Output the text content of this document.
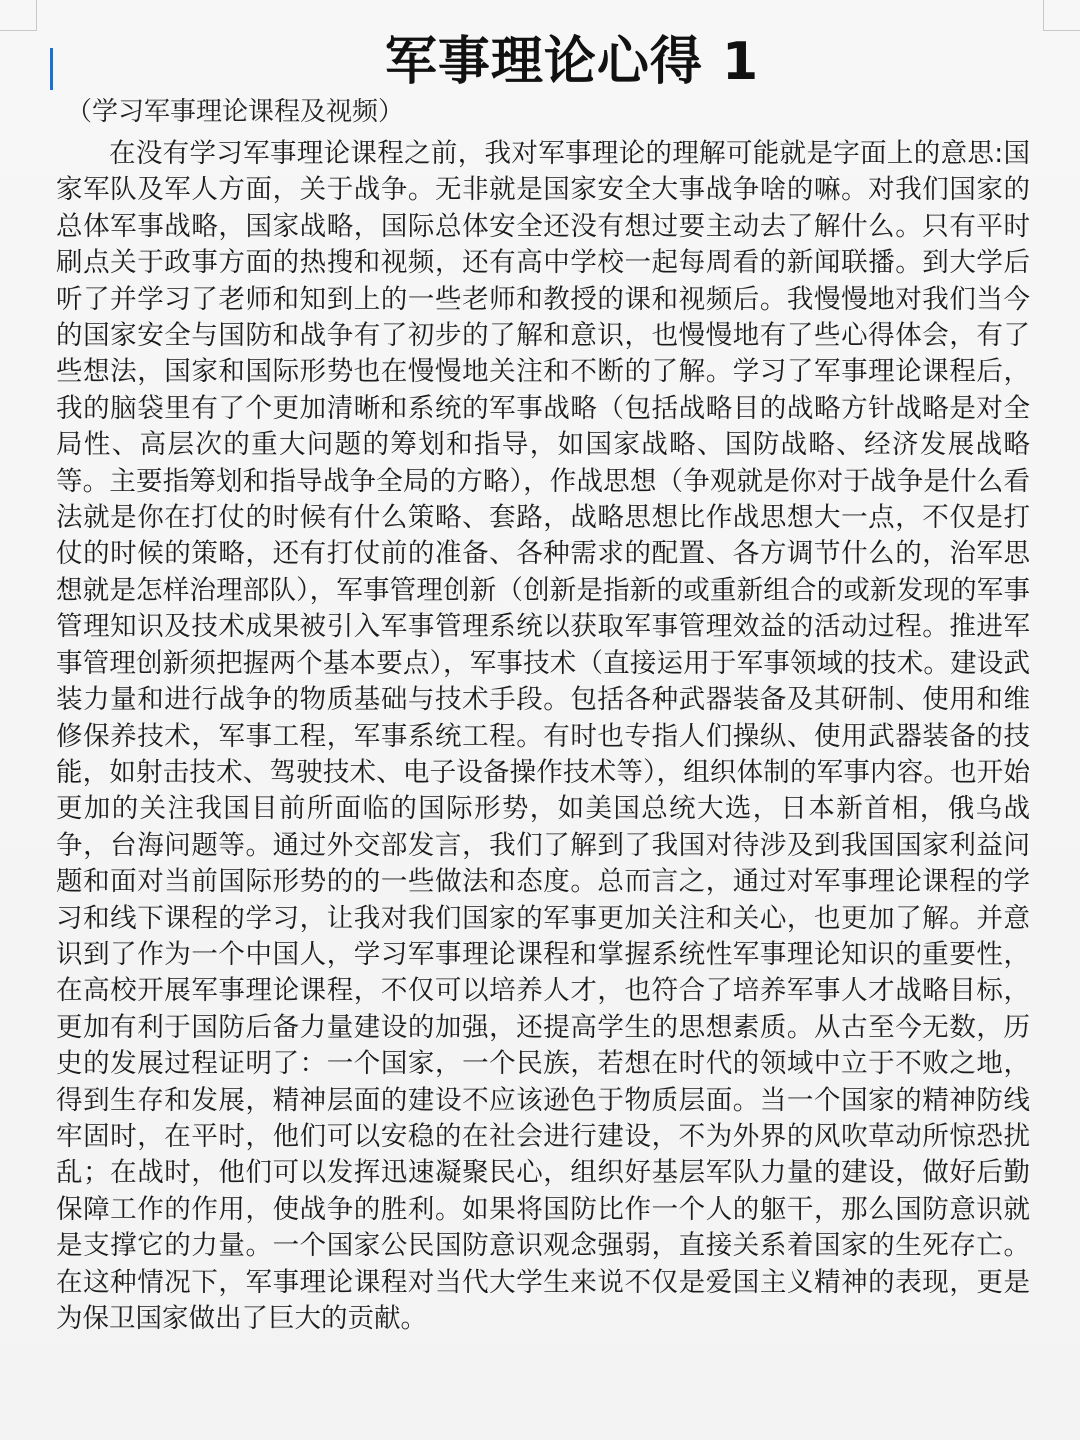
军事理论心得 1
（学习军事理论课程及视频）

在没有学习军事理论课程之前，我对军事理论的理解可能就是字面上的意思:国家军队及军人方面，关于战争。无非就是国家安全大事战争啥的嘛。对我们国家的总体军事战略，国家战略，国际总体安全还没有想过要主动去了解什么。只有平时刷点关于政事方面的热搜和视频，还有高中学校一起每周看的新闻联播。到大学后听了并学习了老师和知到上的一些老师和教授的课和视频后。我慢慢地对我们当今的国家安全与国防和战争有了初步的了解和意识，也慢慢地有了些心得体会，有了些想法，国家和国际形势也在慢慢地关注和不断的了解。学习了军事理论课程后，我的脑袋里有了个更加清晰和系统的军事战略（包括战略目的战略方针战略是对全局性、高层次的重大问题的筹划和指导，如国家战略、国防战略、经济发展战略等。主要指筹划和指导战争全局的方略），作战思想（争观就是你对于战争是什么看法就是你在打仗的时候有什么策略、套路，战略思想比作战思想大一点，不仅是打仗的时候的策略，还有打仗前的准备、各种需求的配置、各方调节什么的，治军思想就是怎样治理部队），军事管理创新（创新是指新的或重新组合的或新发现的军事管理知识及技术成果被引入军事管理系统以获取军事管理效益的活动过程。推进军事管理创新须把握两个基本要点），军事技术（直接运用于军事领域的技术。建设武装力量和进行战争的物质基础与技术手段。包括各种武器装备及其研制、使用和维修保养技术，军事工程，军事系统工程。有时也专指人们操纵、使用武器装备的技能，如射击技术、驾驶技术、电子设备操作技术等），组织体制的军事内容。也开始更加的关注我国目前所面临的国际形势，如美国总统大选，日本新首相，俄乌战争，台海问题等。通过外交部发言，我们了解到了我国对待涉及到我国国家利益问题和面对当前国际形势的的一些做法和态度。总而言之，通过对军事理论课程的学习和线下课程的学习，让我对我们国家的军事更加关注和关心，也更加了解。并意识到了作为一个中国人，学习军事理论课程和掌握系统性军事理论知识的重要性，在高校开展军事理论课程，不仅可以培养人才，也符合了培养军事人才战略目标，更加有利于国防后备力量建设的加强，还提高学生的思想素质。从古至今无数，历史的发展过程证明了：一个国家，一个民族，若想在时代的领域中立于不败之地，得到生存和发展，精神层面的建设不应该逊色于物质层面。当一个国家的精神防线牢固时，在平时，他们可以安稳的在社会进行建设，不为外界的风吹草动所惊恐扰乱；在战时，他们可以发挥迅速凝聚民心，组织好基层军队力量的建设，做好后勤保障工作的作用，使战争的胜利。如果将国防比作一个人的躯干，那么国防意识就是支撑它的力量。一个国家公民国防意识观念强弱，直接关系着国家的生死存亡。在这种情况下，军事理论课程对当代大学生来说不仅是爱国主义精神的表现，更是为保卫国家做出了巨大的贡献。
